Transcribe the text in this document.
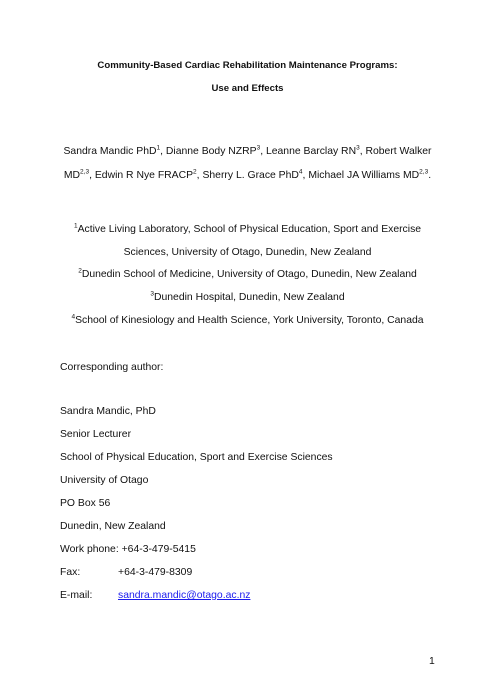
Community-Based Cardiac Rehabilitation Maintenance Programs:
Use and Effects
Sandra Mandic PhD$^1$, Dianne Body NZRP$^3$, Leanne Barclay $RN^3$, Robert Walker
MD$^{2,3}$, Edwin R Nye FRACP$^2$, Sherry L. Grace PhD$^4$, Michael JA Williams MD$^{2,3}$.
$^1$Active Living Laboratory, School of Physical Education, Sport and Exercise
Sciences, University of Otago, Dunedin, New Zealand
$^2$Dunedin School of Medicine, University of Otago, Dunedin, New Zealand
$^3$Dunedin Hospital, Dunedin, New Zealand
$^4$School of Kinesiology and Health Science, York University, Toronto, Canada
Corresponding author:
Sandra Mandic, PhD
Senior Lecturer
School of Physical Education, Sport and Exercise Sciences
University of Otago
PO Box 56
Dunedin, New Zealand
Work phone: +64-3-479-5415
Fax:	+64-3-479-8309
E-mail: sandra.mandic@otago.ac.nz
1
